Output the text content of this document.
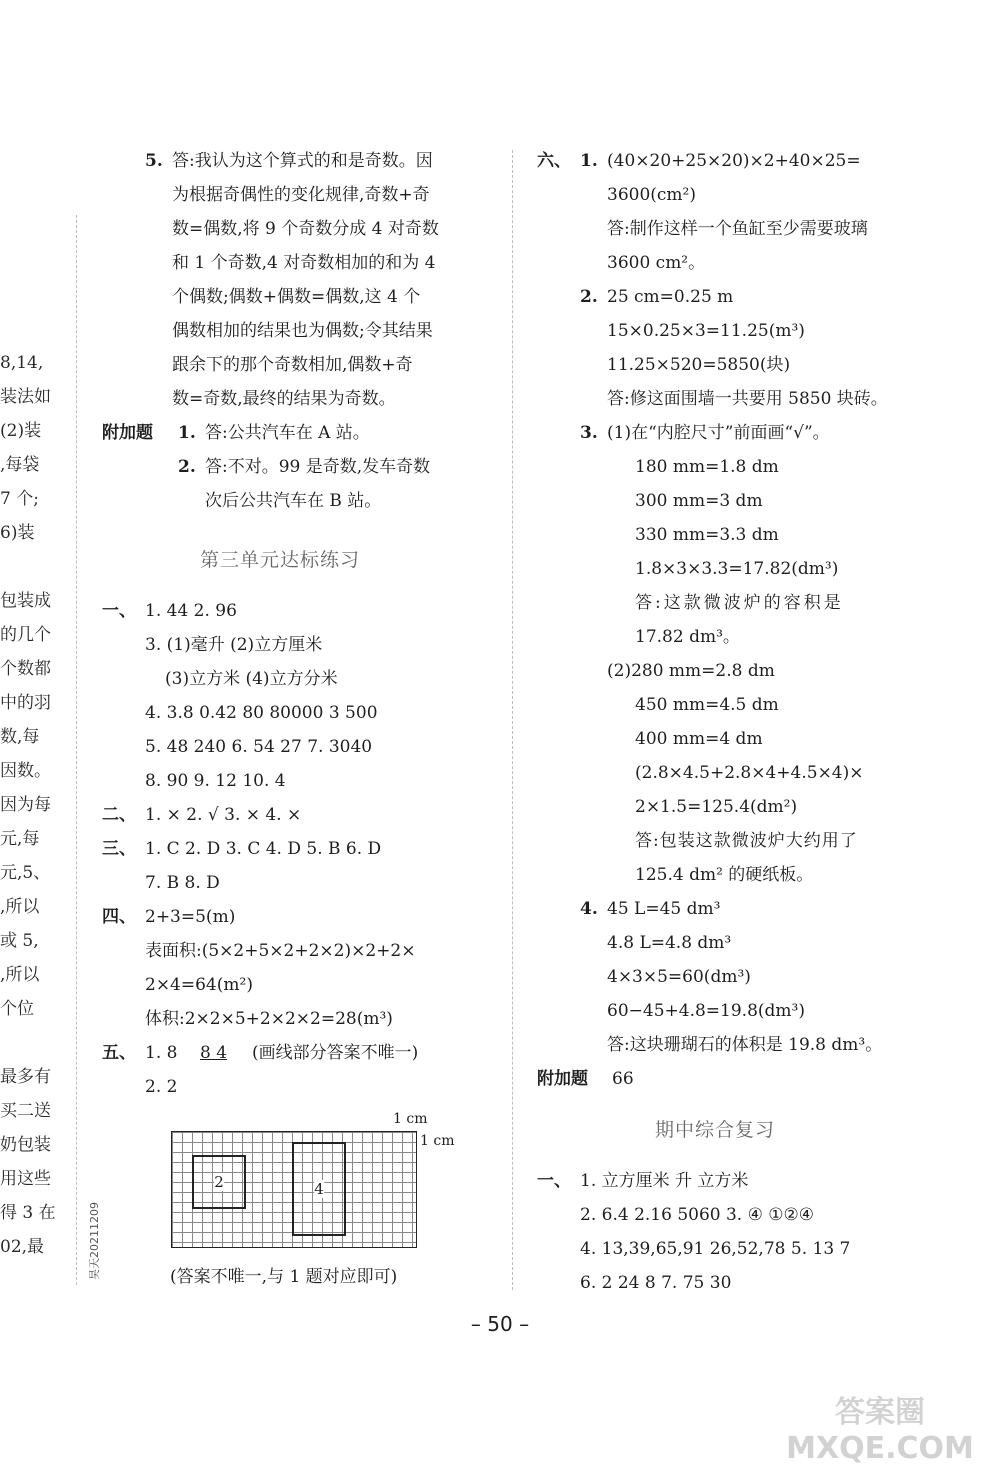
8,14,
装法如
(2)装
,每袋
7 个;
6)装
包装成
的几个
个数都
中的羽
数,每
因数。
因为每
元,每
元,5、
,所以
或 5,
,所以
个位
最多有
买二送
奶包装
用这些
得 3 在
02,最	昊天20211209
5. 答:我认为这个算式的和是奇数。因
为根据奇偶性的变化规律,奇数+奇
数=偶数,将 9 个奇数分成 4 对奇数
和 1 个奇数,4 对奇数相加的和为 4
个偶数;偶数+偶数=偶数,这 4 个
偶数相加的结果也为偶数;令其结果
跟余下的那个奇数相加,偶数+奇
数=奇数,最终的结果为奇数。
附加题 1. 答:公共汽车在 A 站。
2. 答:不对。99 是奇数,发车奇数
次后公共汽车在 B 站。
第三单元达标练习
一、 1. 44 2. 96
3. (1)毫升 (2)立方厘米
(3)立方米 (4)立方分米
4. 3.8 0.42 80 80000 3 500
5. 48 240 6. 54 27 7. 3040
8. 90 9. 12 10. 4
二、 1. × 2. √ 3. × 4. ×
三、 1. C 2. D 3. C 4. D 5. B 6. D
7. B 8. D
四、 2+3=5(m)
表面积:(5×2+5×2+2×2)×2+2×
2×4=64(m²)
体积:2×2×5+2×2×2=28(m³)
五、 1. 8 8 4 (画线部分答案不唯一)
2. 2
1 cm
1 cm
2	4
(答案不唯一,与 1 题对应即可)
六、 1. (40×20+25×20)×2+40×25=
3600(cm²)
答:制作这样一个鱼缸至少需要玻璃
3600 cm²。
2. 25 cm=0.25 m
15×0.25×3=11.25(m³)
11.25×520=5850(块)
答:修这面围墙一共要用 5850 块砖。
3. (1)在“内腔尺寸”前面画“√”。
180 mm=1.8 dm
300 mm=3 dm
330 mm=3.3 dm
1.8×3×3.3=17.82(dm³)
答:这款微波炉的容积是
17.82 dm³。
(2)280 mm=2.8 dm
450 mm=4.5 dm
400 mm=4 dm
(2.8×4.5+2.8×4+4.5×4)×
2×1.5=125.4(dm²)
答:包装这款微波炉大约用了
125.4 dm² 的硬纸板。
4. 45 L=45 dm³
4.8 L=4.8 dm³
4×3×5=60(dm³)
60−45+4.8=19.8(dm³)
答:这块珊瑚石的体积是 19.8 dm³。
附加题 66
期中综合复习
一、 1. 立方厘米 升 立方米
2. 6.4 2.16 5060 3. ④ ①②④
4. 13,39,65,91 26,52,78 5. 13 7
6. 2 24 8 7. 75 30
– 50 –
答案圈 MXQE.COM
